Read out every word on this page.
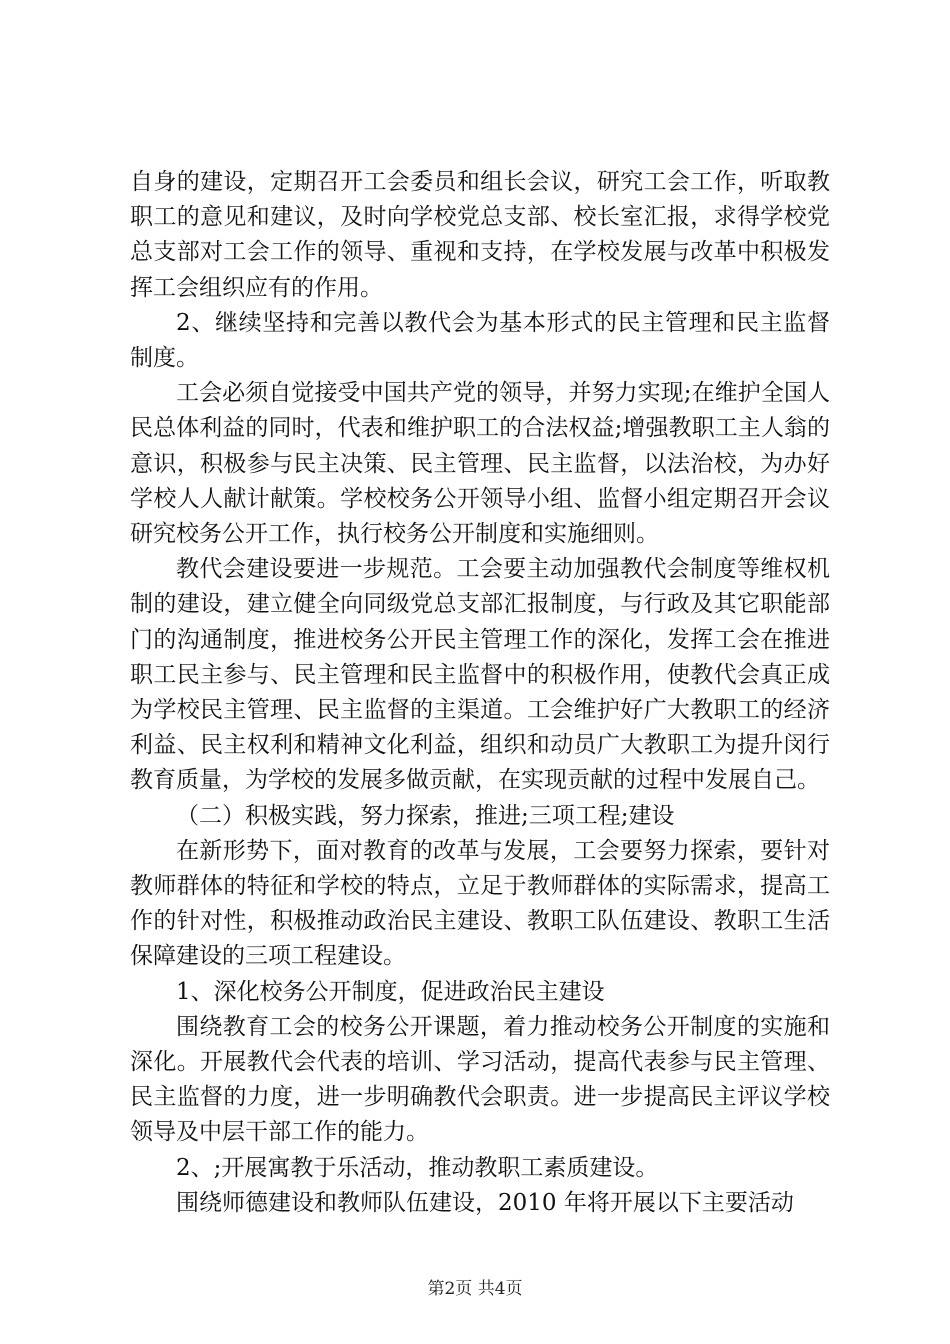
自身的建设，定期召开工会委员和组长会议，研究工会工作，听取教职工的意见和建议，及时向学校党总支部、校长室汇报，求得学校党总支部对工会工作的领导、重视和支持，在学校发展与改革中积极发挥工会组织应有的作用。

2、继续坚持和完善以教代会为基本形式的民主管理和民主监督制度。

工会必须自觉接受中国共产党的领导，并努力实现;在维护全国人民总体利益的同时，代表和维护职工的合法权益;增强教职工主人翁的意识，积极参与民主决策、民主管理、民主监督，以法治校，为办好学校人人献计献策。学校校务公开领导小组、监督小组定期召开会议研究校务公开工作，执行校务公开制度和实施细则。

教代会建设要进一步规范。工会要主动加强教代会制度等维权机制的建设，建立健全向同级党总支部汇报制度，与行政及其它职能部门的沟通制度，推进校务公开民主管理工作的深化，发挥工会在推进职工民主参与、民主管理和民主监督中的积极作用，使教代会真正成为学校民主管理、民主监督的主渠道。工会维护好广大教职工的经济利益、民主权利和精神文化利益，组织和动员广大教职工为提升闵行教育质量，为学校的发展多做贡献，在实现贡献的过程中发展自己。

（二）积极实践，努力探索，推进;三项工程;建设

在新形势下，面对教育的改革与发展，工会要努力探索，要针对教师群体的特征和学校的特点，立足于教师群体的实际需求，提高工作的针对性，积极推动政治民主建设、教职工队伍建设、教职工生活保障建设的三项工程建设。

1、深化校务公开制度，促进政治民主建设

围绕教育工会的校务公开课题，着力推动校务公开制度的实施和深化。开展教代会代表的培训、学习活动，提高代表参与民主管理、民主监督的力度，进一步明确教代会职责。进一步提高民主评议学校领导及中层干部工作的能力。

2、;开展寓教于乐活动，推动教职工素质建设。

围绕师德建设和教师队伍建设，2010 年将开展以下主要活动

第2页 共4页
